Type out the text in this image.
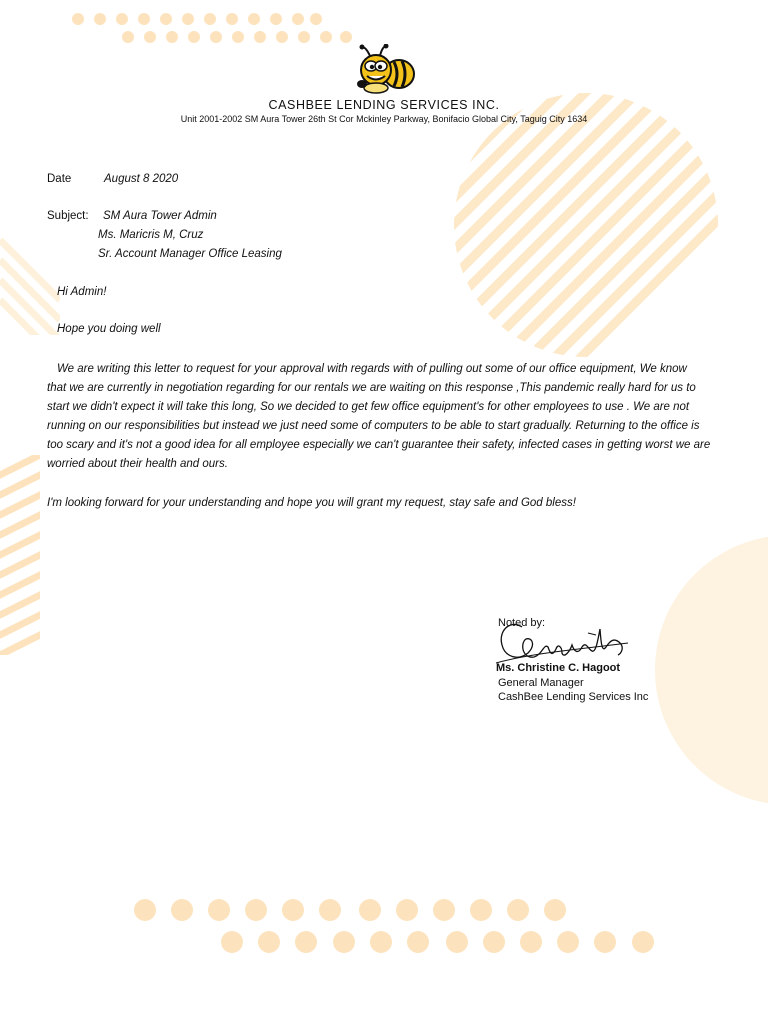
CASHBEE LENDING SERVICES INC.
Unit 2001-2002 SM Aura Tower 26th St Cor Mckinley Parkway, Bonifacio Global City, Taguig City 1634
Date	August 8 2020
Subject: SM Aura Tower Admin
Ms. Maricris M, Cruz
Sr. Account Manager Office Leasing
Hi Admin!
Hope you doing well
We are writing this letter to request for your approval with regards with of pulling out some of our office equipment, We know
that we are currently in negotiation regarding for our rentals we are waiting on this response ,This pandemic really hard for us to
start we didn't expect it will take this long, So we decided to get few office equipment's for other employees to use . We are not
running on our responsibilities but instead we just need some of computers to be able to start gradually. Returning to the office is
too scary and it's not a good idea for all employee especially we can't guarantee their safety, infected cases in getting worst we are
worried about their health and ours.
I'm looking forward for your understanding and hope you will grant my request, stay safe and God bless!
Noted by:
Ms. Christine C. Hagoot
General Manager
CashBee Lending Services Inc
